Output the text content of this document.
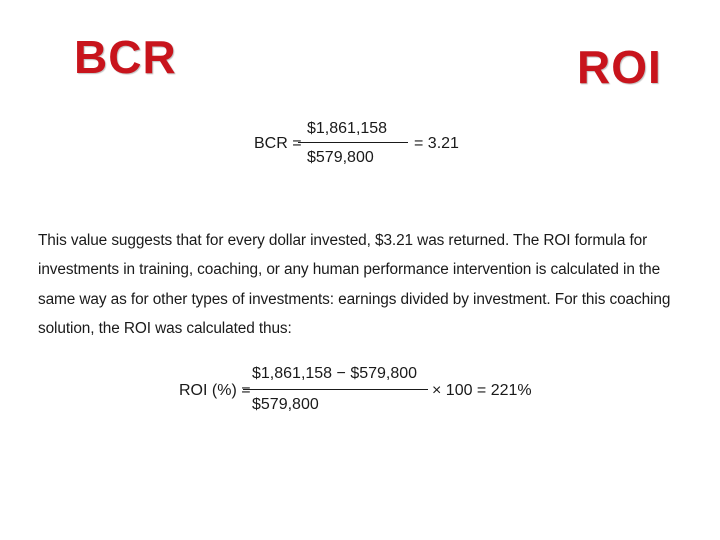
BCR	ROI
BCR =
$1,861,158
$579,800
= 3.21

This value suggests that for every dollar invested, $3.21 was returned. The ROI formula for investments in training, coaching, or any human performance intervention is calculated in the same way as for other types of investments: earnings divided by investment. For this coaching solution, the ROI was calculated thus:

ROI (%) =
$1,861,158 − $579,800
$579,800
× 100 = 221%
